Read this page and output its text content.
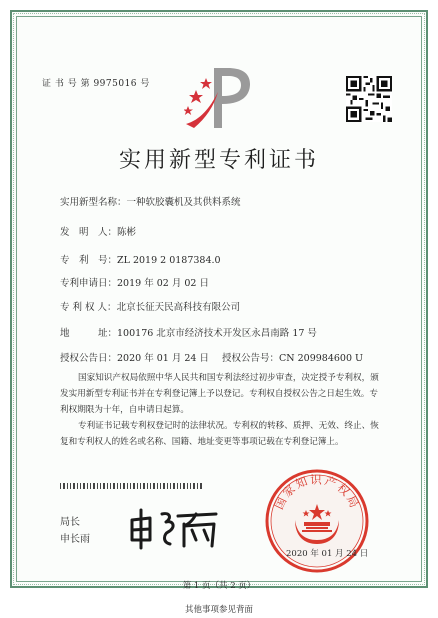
证 书 号 第 9975016 号
实用新型专利证书
实用新型名称：一种软胶囊机及其供料系统
发　明　人：陈彬
专　利　号：ZL 2019 2 0187384.0
专利申请日：2019 年 02 月 02 日
专 利 权 人：北京长征天民高科技有限公司
地　　　址：100176 北京市经济技术开发区永昌南路 17 号
授权公告日：2020 年 01 月 24 日 授权公告号：CN 209984600 U
国家知识产权局依照中华人民共和国专利法经过初步审查，决定授予专利权，颁发实用新型专利证书并在专利登记簿上予以登记。专利权自授权公告之日起生效。专利权期限为十年，自申请日起算。
专利证书记载专利权登记时的法律状况。专利权的转移、质押、无效、终止、恢复和专利权人的姓名或名称、国籍、地址变更等事项记载在专利登记簿上。
局长
申长雨
国家知识产权局
2020 年 01 月 24 日
第 1 页（共 2 页）
其他事项参见背面
